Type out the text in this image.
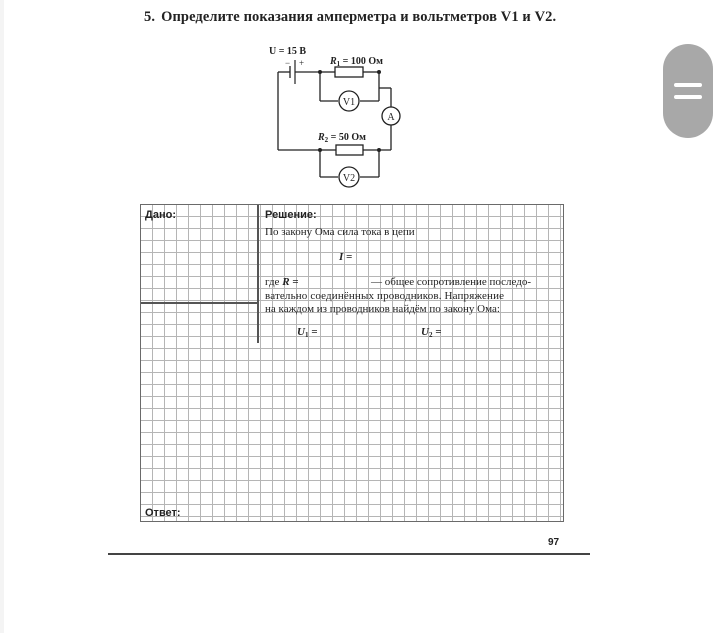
5. Определите показания амперметра и вольтметров V1 и V2.
V1
A
V2
U = 15 В
− +	$R_1 = 100$ Ом
$R_2 = 50$ Ом
Дано:	Решение:
По закону Ома сила тока в цепи
I =
где R =	— общее сопротивление последо-
вательно соединённых проводников. Напряжение
на каждом из проводников найдём по закону Ома:
$U_1$ =	$U_2$ =
Ответ:
97
